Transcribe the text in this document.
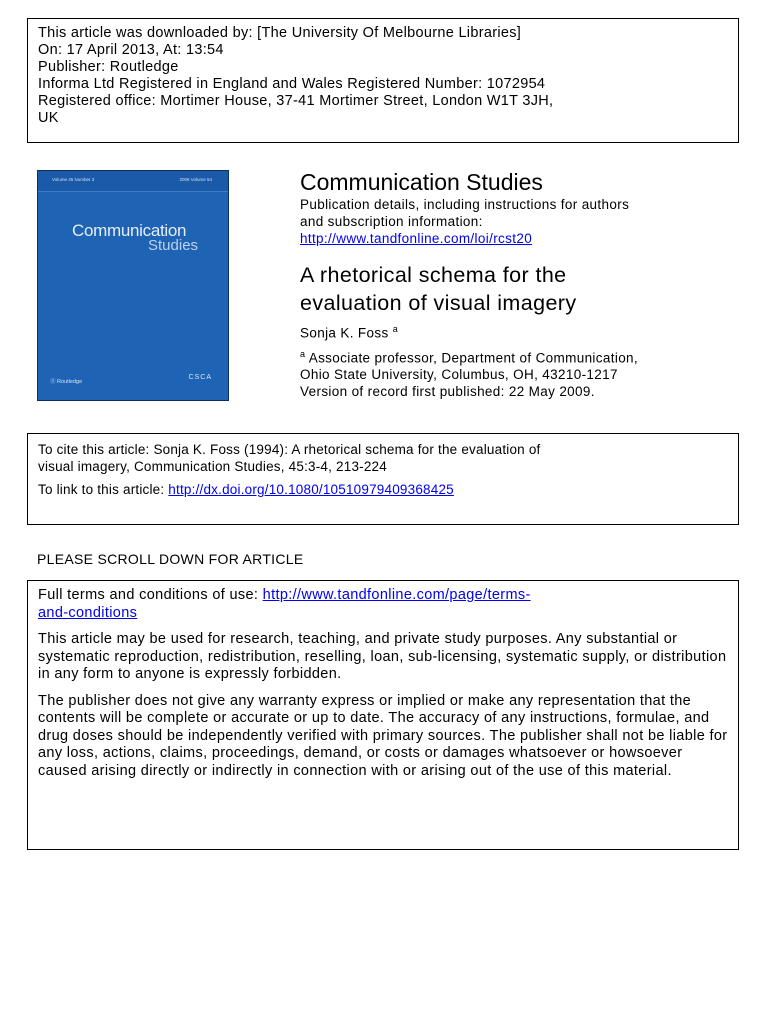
This article was downloaded by: [The University Of Melbourne Libraries]
On: 17 April 2013, At: 13:54
Publisher: Routledge
Informa Ltd Registered in England and Wales Registered Number: 1072954
Registered office: Mortimer House, 37-41 Mortimer Street, London W1T 3JH,
UK
Volume 45 Number 3	2006 Volume 54
Communication
Studies
Ⓡ Routledge
CSCA
Communication Studies
Publication details, including instructions for authors
and subscription information:
http://www.tandfonline.com/loi/rcst20
A rhetorical schema for the
evaluation of visual imagery
Sonja K. Foss $^a$
$^a$ Associate professor, Department of Communication,
Ohio State University, Columbus, OH, 43210-1217
Version of record first published: 22 May 2009.
To cite this article: Sonja K. Foss (1994): A rhetorical schema for the evaluation of
visual imagery, Communication Studies, 45:3-4, 213-224
To link to this article: http://dx.doi.org/10.1080/10510979409368425
PLEASE SCROLL DOWN FOR ARTICLE

Full terms and conditions of use: http://www.tandfonline.com/page/terms-
and-conditions

This article may be used for research, teaching, and private study purposes. Any substantial or systematic reproduction, redistribution, reselling, loan, sub-licensing, systematic supply, or distribution in any form to anyone is expressly forbidden.

The publisher does not give any warranty express or implied or make any representation that the contents will be complete or accurate or up to date. The accuracy of any instructions, formulae, and drug doses should be independently verified with primary sources. The publisher shall not be liable for any loss, actions, claims, proceedings, demand, or costs or damages whatsoever or howsoever caused arising directly or indirectly in connection with or arising out of the use of this material.
